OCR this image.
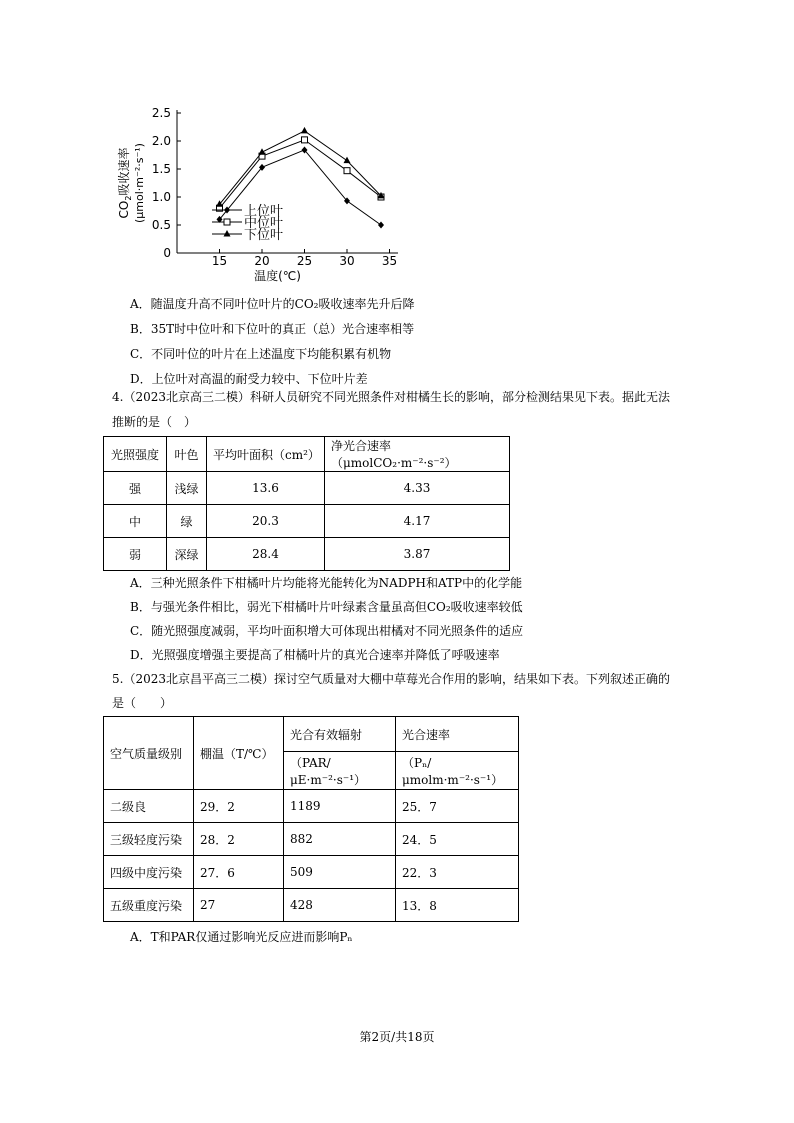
0
0.5
1.0
1.5
2.0
2.5
15 20 25 30 35
温度(℃)
$CO_2$吸收速率 (μmol·m⁻²·s⁻¹)	上位叶
中位叶
下位叶
A．随温度升高不同叶位叶片的CO₂吸收速率先升后降
B．35T时中位叶和下位叶的真正（总）光合速率相等
C．不同叶位的叶片在上述温度下均能积累有机物
D．上位叶对高温的耐受力较中、下位叶片差
4.（2023北京高三二模）科研人员研究不同光照条件对柑橘生长的影响，部分检测结果见下表。据此无法
推断的是（　）
光照强度	叶色	平均叶面积（cm²）	净光合速率（μmolCO₂·m⁻²·s⁻²）
强	浅绿	13.6	4.33
中	绿	20.3	4.17
弱	深绿	28.4	3.87
A．三种光照条件下柑橘叶片均能将光能转化为NADPH和ATP中的化学能
B．与强光条件相比，弱光下柑橘叶片叶绿素含量虽高但CO₂吸收速率较低
C．随光照强度减弱，平均叶面积增大可体现出柑橘对不同光照条件的适应
D．光照强度增强主要提高了柑橘叶片的真光合速率并降低了呼吸速率
5.（2023北京昌平高三二模）探讨空气质量对大棚中草莓光合作用的影响，结果如下表。下列叙述正确的
是（　　）
空气质量级别	棚温（T/℃）	光合有效辐射	光合速率
		（PAR/μE·m⁻²·s⁻¹）	（Pₙ/μmolm·m⁻²·s⁻¹）
二级良	29．2	1189	25．7
三级轻度污染	28．2	882	24．5
四级中度污染	27．6	509	22．3
五级重度污染	27	428	13．8
A．T和PAR仅通过影响光反应进而影响Pₙ
第2页/共18页
